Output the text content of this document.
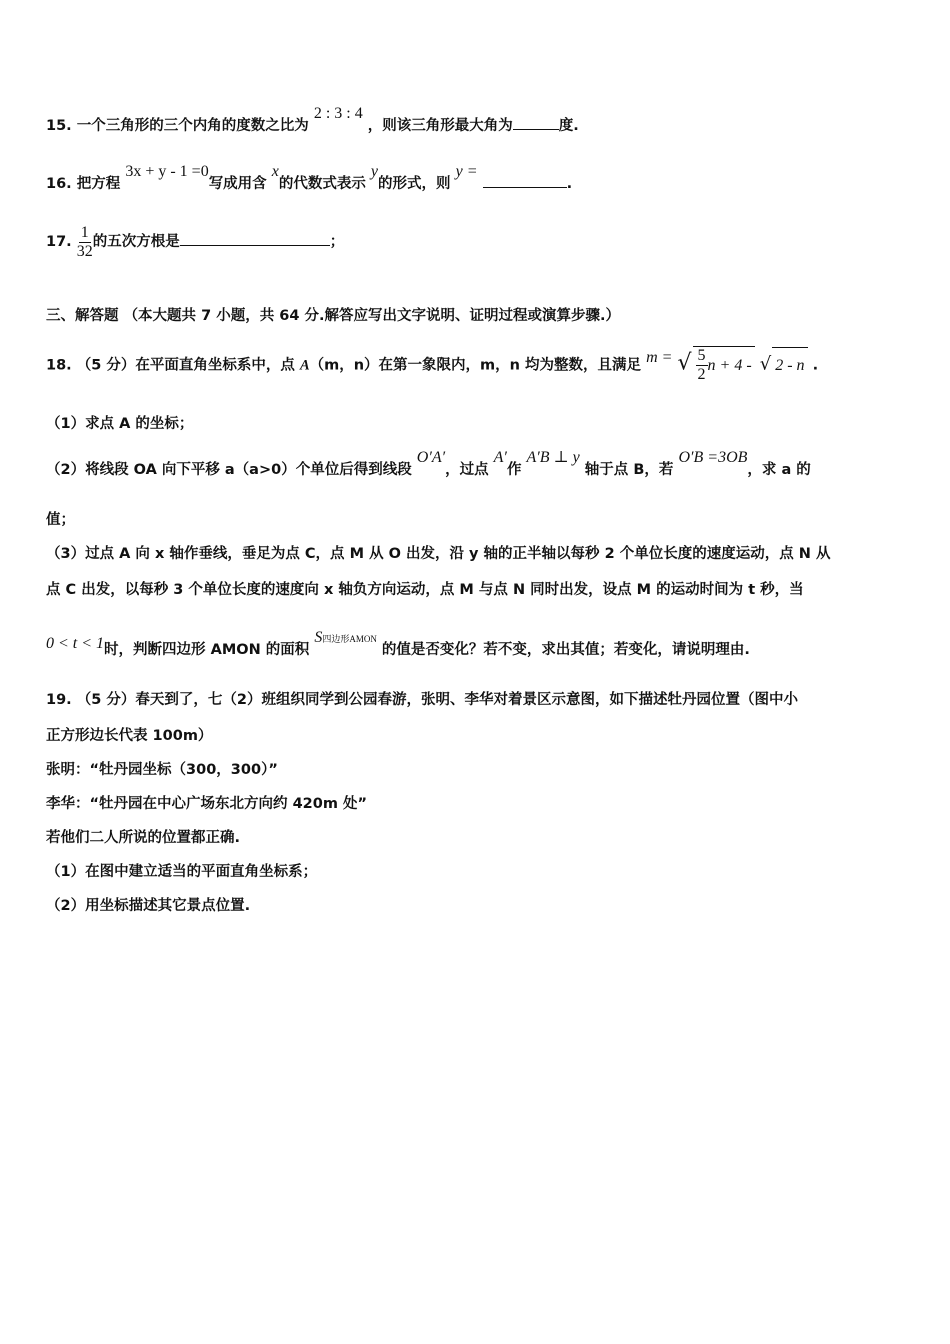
15. 一个三角形的三个内角的度数之比为 2 : 3 : 4 ，则该三角形最大角为	度.
16. 把方程 3x + y - 1 =0写成用含 x的代数式表示 y的形式，则 y = .
17. $\frac{1}{32}$ 的五次方根是	；
三、解答题 （本大题共 7 小题，共 64 分.解答应写出文字说明、证明过程或演算步骤.）
18. （5 分）在平面直角坐标系中，点 A（m，n）在第一象限内，m，n 均为整数，且满足 m = √ $\frac{5}{2}$ n + 4 - √ 2 - n .
（1）求点 A 的坐标；
（2）将线段 OA 向下平移 a（a>0）个单位后得到线段 O′A′，过点 A′作 A′B ⊥ y 轴于点 B，若 O′B =3OB，求 a 的
值；
（3）过点 A 向 x 轴作垂线，垂足为点 C，点 M 从 O 出发，沿 y 轴的正半轴以每秒 2 个单位长度的速度运动，点 N 从
点 C 出发，以每秒 3 个单位长度的速度向 x 轴负方向运动，点 M 与点 N 同时出发，设点 M 的运动时间为 t 秒，当
0 < t < 1时，判断四边形 AMON 的面积 S四边形AMON 的值是否变化？若不变，求出其值；若变化，请说明理由.
19. （5 分）春天到了，七（2）班组织同学到公园春游，张明、李华对着景区示意图，如下描述牡丹园位置（图中小
正方形边长代表 100m）
张明：“牡丹园坐标（300，300）”
李华：“牡丹园在中心广场东北方向约 420m 处”
若他们二人所说的位置都正确.
（1）在图中建立适当的平面直角坐标系；
（2）用坐标描述其它景点位置.
